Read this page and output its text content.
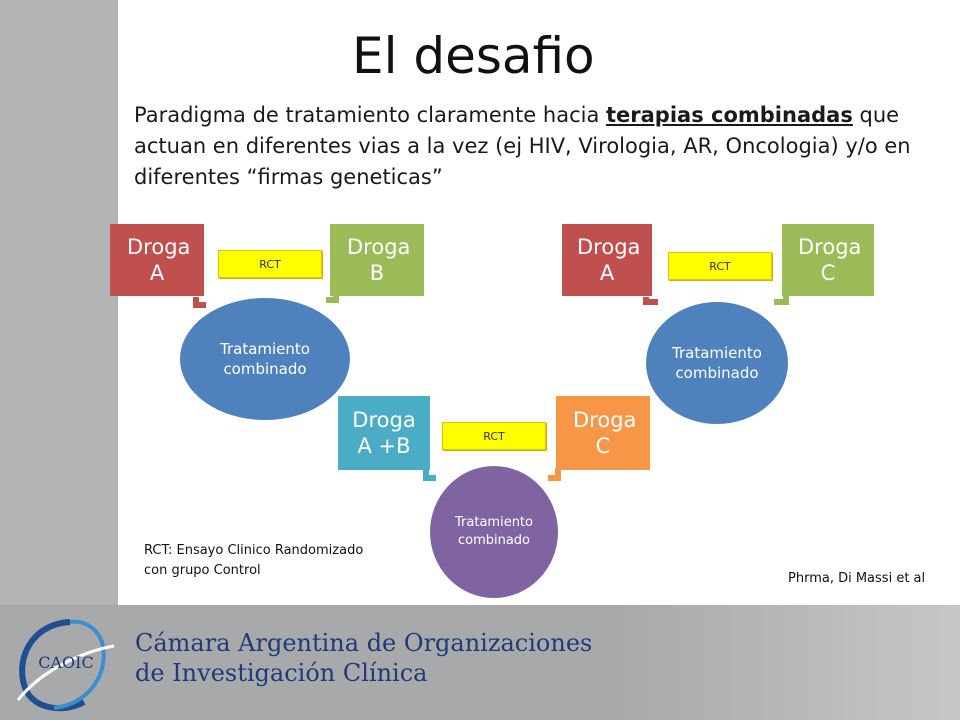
El desafio
Paradigma de tratamiento claramente hacia terapias combinadas que actuan en diferentes vias a la vez (ej HIV, Virologia, AR, Oncologia) y/o en diferentes “firmas geneticas”
Tratamiento combinado
Droga A
Droga B
RCT
Tratamiento combinado
Droga A
Droga C
RCT
Tratamiento combinado
Droga A +B
Droga C
RCT
RCT: Ensayo Clinico Randomizado
con grupo Control
Phrma, Di Massi et al
CAOIC
Cámara Argentina de Organizaciones
de Investigación Clínica
